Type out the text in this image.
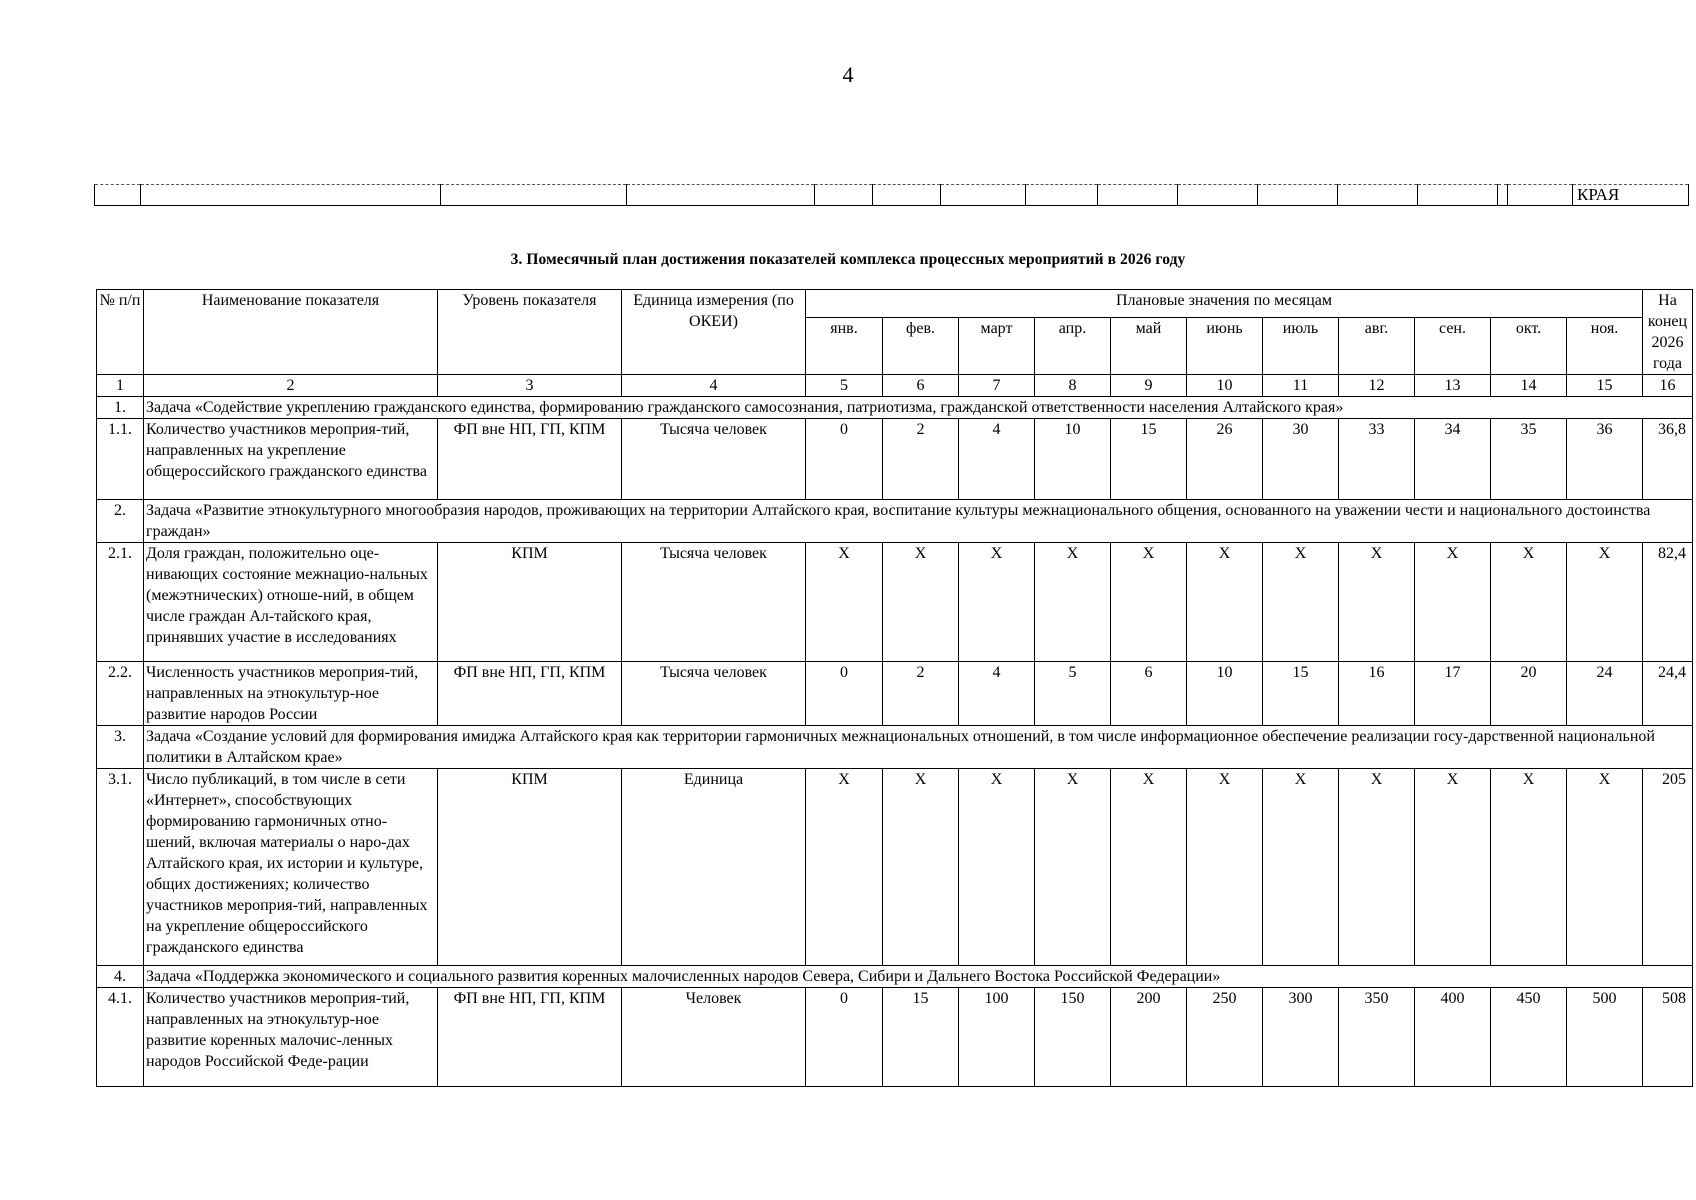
4
															КРАЯ
3. Помесячный план достижения показателей комплекса процессных мероприятий в 2026 году
№ п/п	Наименование показателя	Уровень показателя	Единица измерения (по ОКЕИ)	Плановые значения по месяцам											На конец 2026 года
				янв.	фев.	март	апр.	май	июнь	июль	авг.	сен.	окт.	ноя.	
1	2	3	4	5	6	7	8	9	10	11	12	13	14	15	16
1.	Задача «Содействие укреплению гражданского единства, формированию гражданского самосознания, патриотизма, гражданской ответственности населения Алтайского края»														
1.1.	Количество участников мероприя-тий, направленных на укрепление общероссийского гражданского единства	ФП вне НП, ГП, КПМ	Тысяча человек	0	2	4	10	15	26	30	33	34	35	36	36,8
2.	Задача «Развитие этнокультурного многообразия народов, проживающих на территории Алтайского края, воспитание культуры межнационального общения, основанного на уважении чести и национального достоинства граждан»														
2.1.	Доля граждан, положительно оце-нивающих состояние межнацио-нальных (межэтнических) отноше-ний, в общем числе граждан Ал-тайского края, принявших участие в исследованиях	КПМ	Тысяча человек	X	X	X	X	X	X	X	X	X	X	X	82,4
2.2.	Численность участников мероприя-тий, направленных на этнокультур-ное развитие народов России	ФП вне НП, ГП, КПМ	Тысяча человек	0	2	4	5	6	10	15	16	17	20	24	24,4
3.	Задача «Создание условий для формирования имиджа Алтайского края как территории гармоничных межнациональных отношений, в том числе информационное обеспечение реализации госу-дарственной национальной политики в Алтайском крае»														
3.1.	Число публикаций, в том числе в сети «Интернет», способствующих формированию гармоничных отно-шений, включая материалы о наро-дах Алтайского края, их истории и культуре, общих достижениях; количество участников мероприя-тий, направленных на укрепление общероссийского гражданского единства	КПМ	Единица	X	X	X	X	X	X	X	X	X	X	X	205
4.	Задача «Поддержка экономического и социального развития коренных малочисленных народов Севера, Сибири и Дальнего Востока Российской Федерации»														
4.1.	Количество участников мероприя-тий, направленных на этнокультур-ное развитие коренных малочис-ленных народов Российской Феде-рации	ФП вне НП, ГП, КПМ	Человек	0	15	100	150	200	250	300	350	400	450	500	508
